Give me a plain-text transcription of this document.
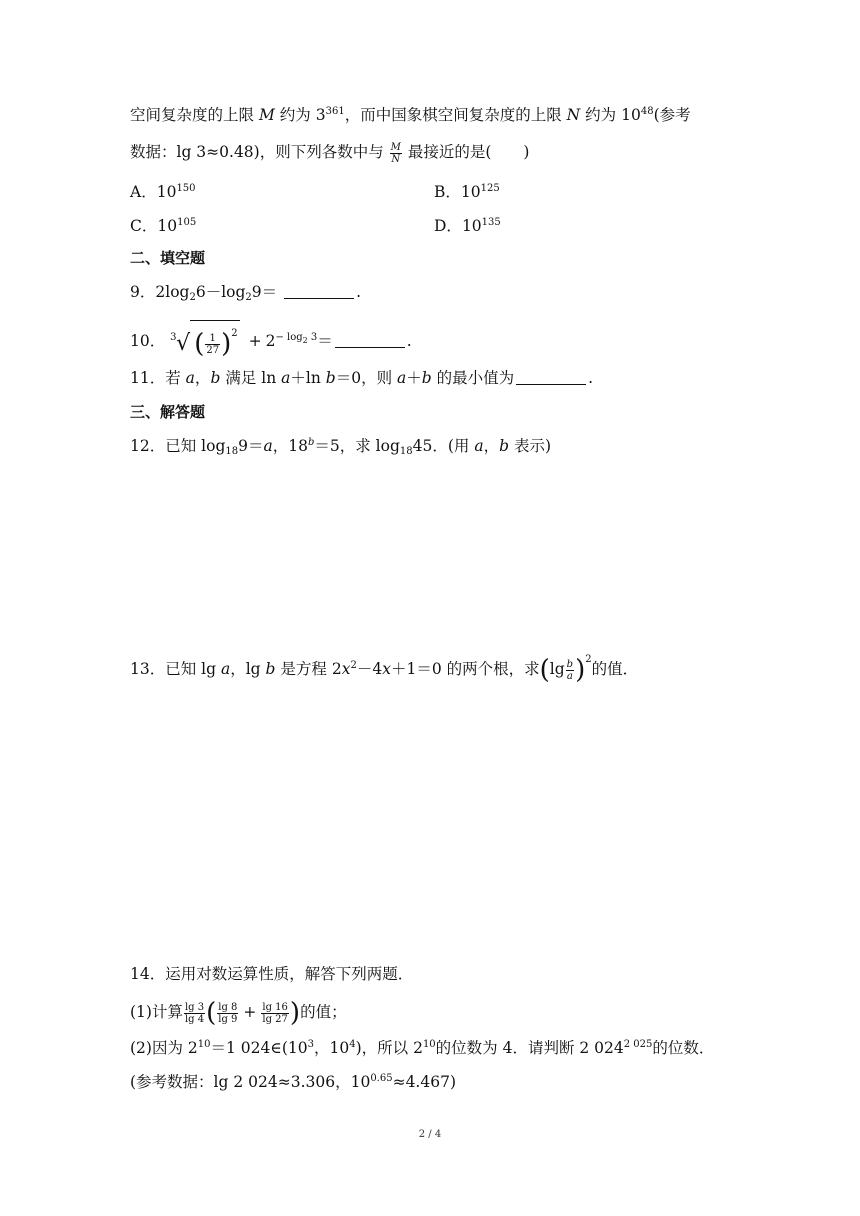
空间复杂度的上限 M 约为 $3^{361}$，而中国象棋空间复杂度的上限 N 约为 $10^{48}$(参考
数据：lg 3≈0.48)，则下列各数中与 $\frac{M}{N}$ 最接近的是( )
A．$10^{150}$	B．$10^{125}$
C．$10^{105}$	D．$10^{135}$
二、填空题
9．$2\log_26-\log_29=$	.
10． 3 √ ( $\frac{1}{27} )^2 + 2^{- log_2 3}=$	.
11．若 a，b 满足 ln a＋ln b＝0，则 a＋b 的最小值为	.
三、解答题
12．已知 $\log_{18}9=a$，$18^b=5$，求 $\log_{18}45$．(用 a，b 表示)
13．已知 lg a，lg b 是方程 $2x^2-4x+1=0$ 的两个根，求$(\lg \frac{b}{a} )^2$的值．
14．运用对数运算性质，解答下列两题．
(1)计算 $\frac{\lg 3}{\lg 4}$ ( $\frac{\lg 8}{\lg 9} + \frac{\lg 16}{\lg 27}$ )的值；
(2)因为 $2^{10}=1$ $024\in(10^3$，$10^4$)，所以 $2^{10}$的位数为 4．请判断 2 $024^{2 025}$的位数．
(参考数据：lg 2 024≈3.306，$10^{0.65}\approx 4.467$)
2 / 4
